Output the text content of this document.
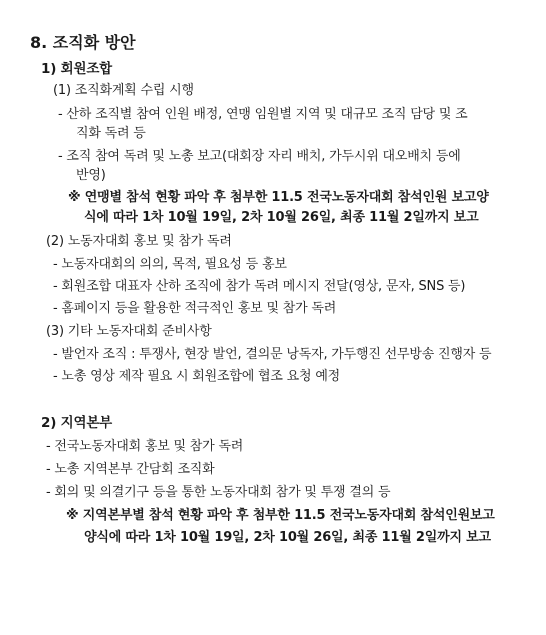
8. 조직화 방안
1) 회원조합
(1) 조직화계획 수립 시행
- 산하 조직별 참여 인원 배정, 연맹 임원별 지역 및 대규모 조직 담당 및 조
직화 독려 등
- 조직 참여 독려 및 노총 보고(대회장 자리 배치, 가두시위 대오배치 등에
반영)
※ 연맹별 참석 현황 파악 후 첨부한 11.5 전국노동자대회 참석인원 보고양
식에 따라 1차 10월 19일, 2차 10월 26일, 최종 11월 2일까지 보고
(2) 노동자대회 홍보 및 참가 독려
- 노동자대회의 의의, 목적, 필요성 등 홍보
- 회원조합 대표자 산하 조직에 참가 독려 메시지 전달(영상, 문자, SNS 등)
- 홈페이지 등을 활용한 적극적인 홍보 및 참가 독려
(3) 기타 노동자대회 준비사항
- 발언자 조직 : 투쟁사, 현장 발언, 결의문 낭독자, 가두행진 선무방송 진행자 등
- 노총 영상 제작 필요 시 회원조합에 협조 요청 예정
2) 지역본부
- 전국노동자대회 홍보 및 참가 독려
- 노총 지역본부 간담회 조직화
- 회의 및 의결기구 등을 통한 노동자대회 참가 및 투쟁 결의 등
※ 지역본부별 참석 현황 파악 후 첨부한 11.5 전국노동자대회 참석인원보고
양식에 따라 1차 10월 19일, 2차 10월 26일, 최종 11월 2일까지 보고
